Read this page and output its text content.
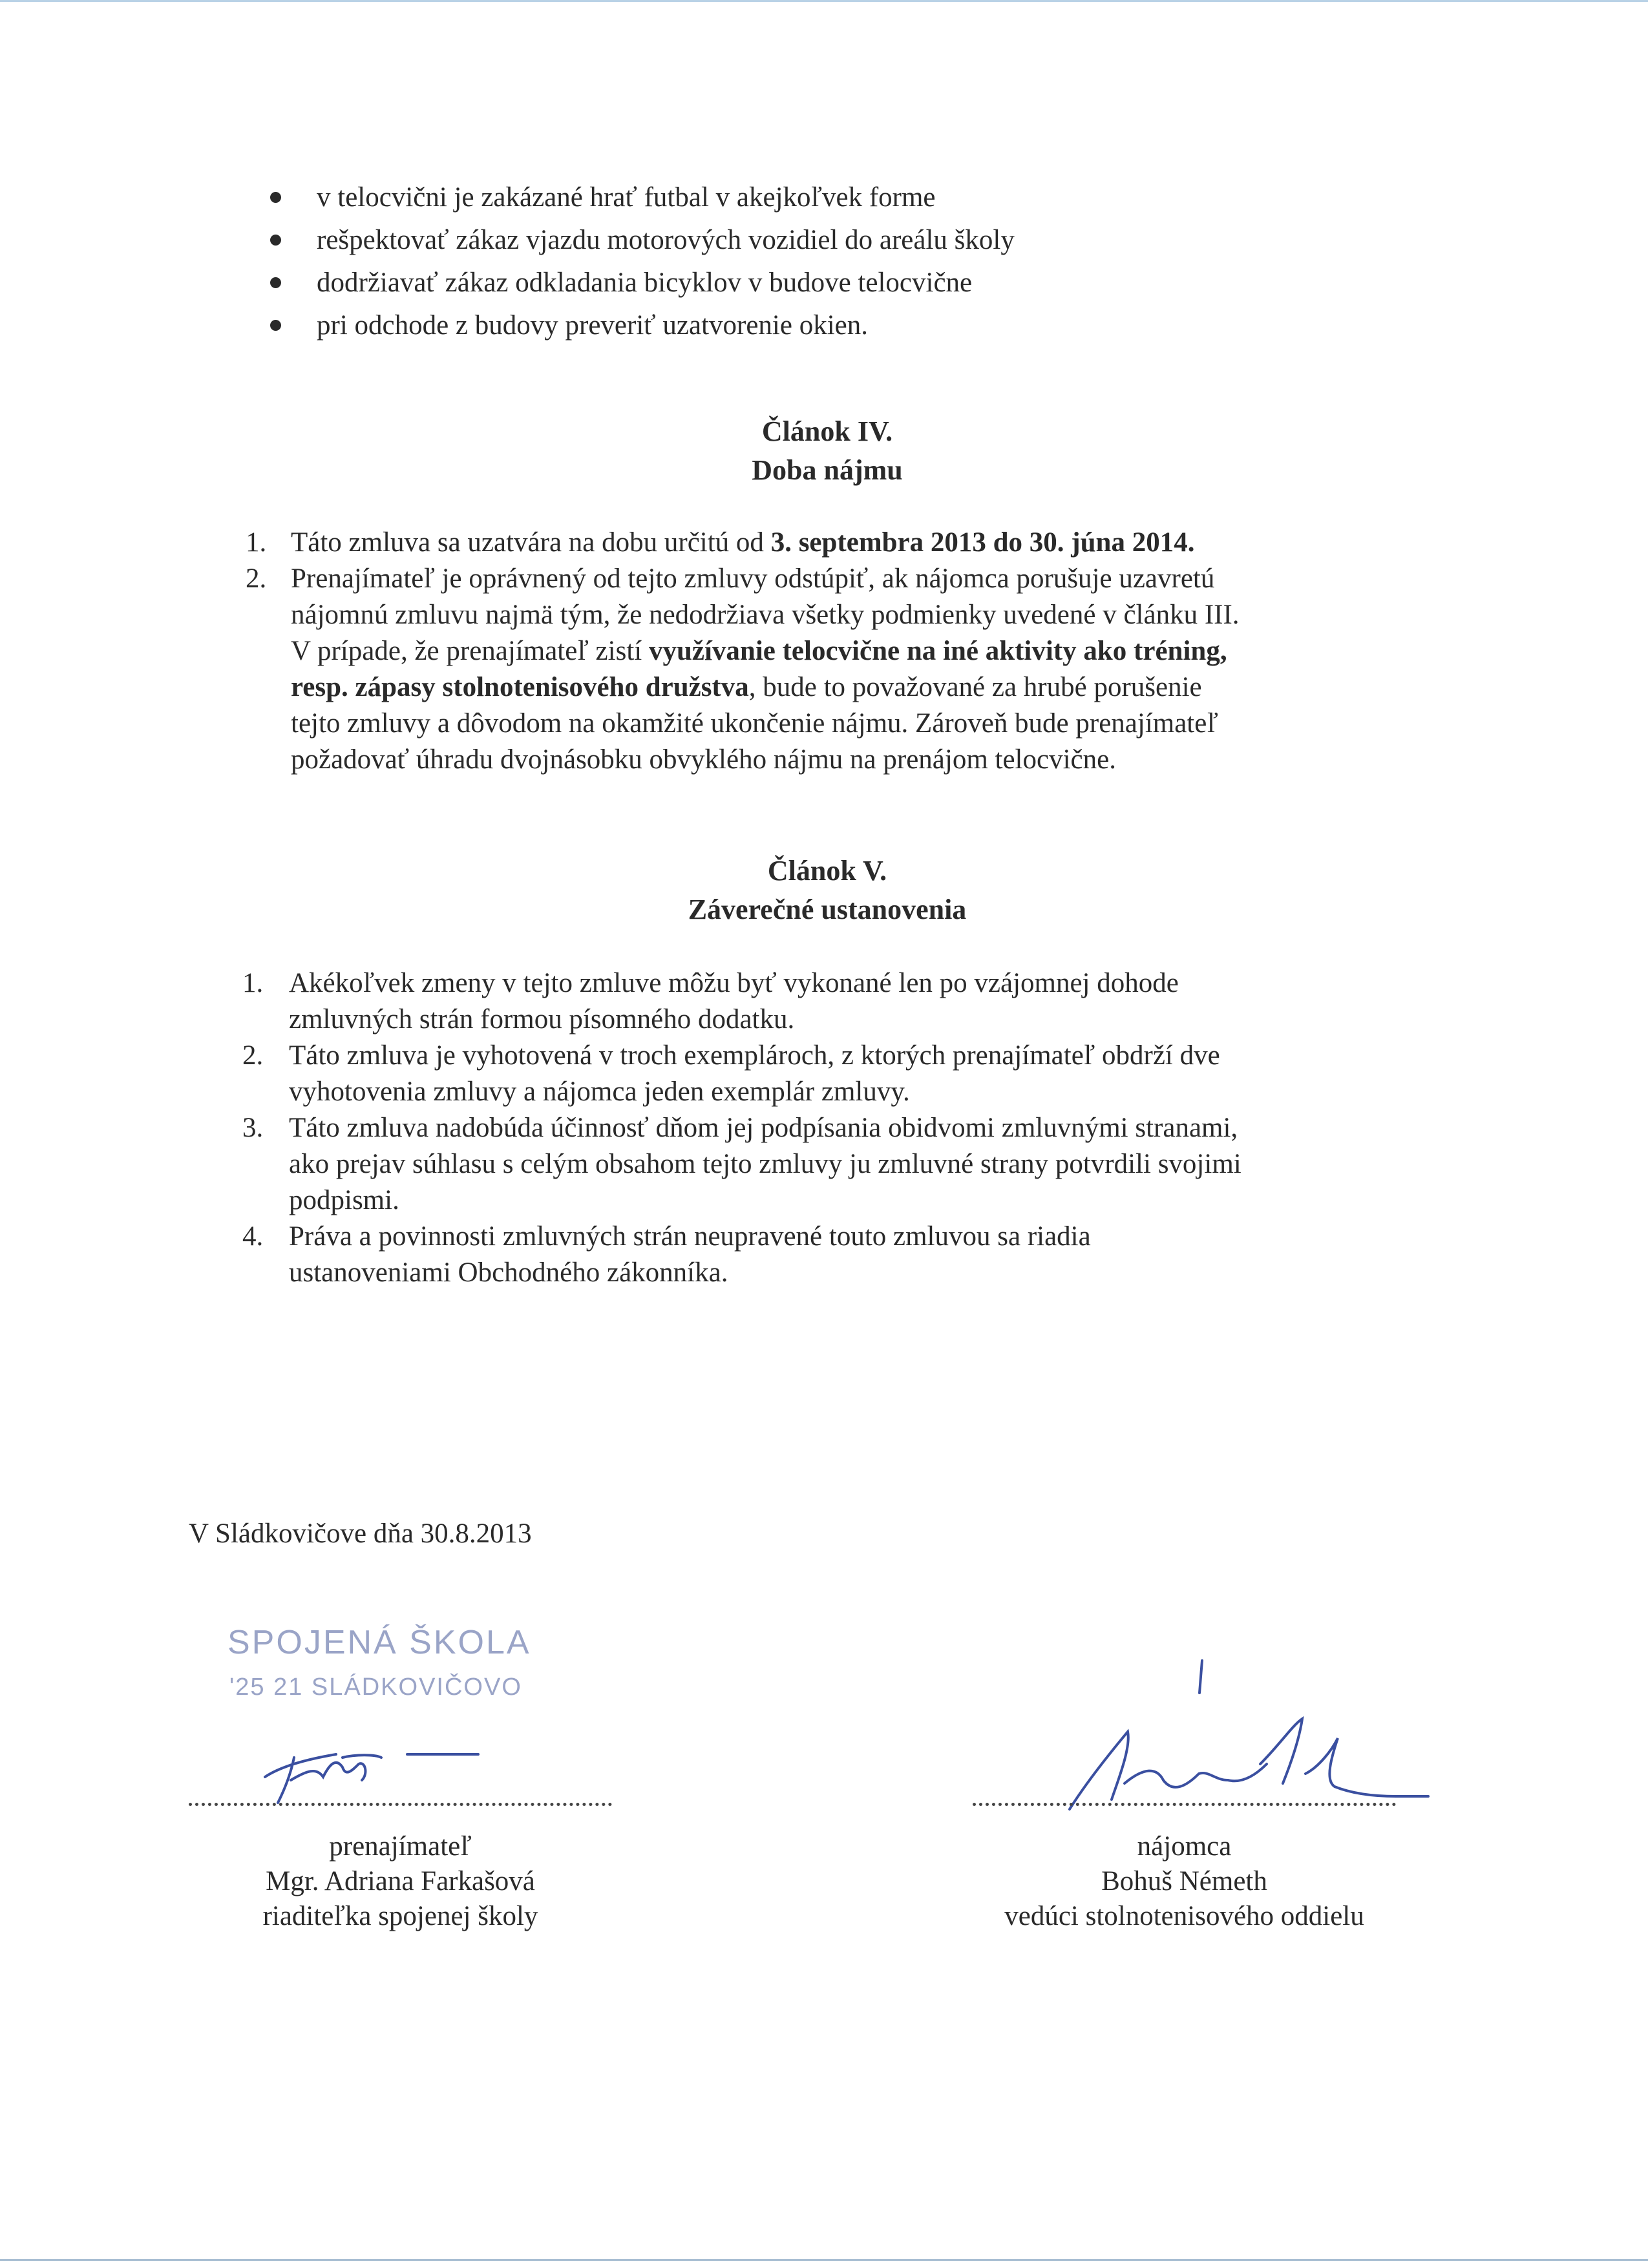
v telocvični je zakázané hrať futbal v akejkoľvek forme
rešpektovať zákaz vjazdu motorových vozidiel do areálu školy
dodržiavať zákaz odkladania bicyklov v budove telocvične
pri odchode z budovy preveriť uzatvorenie okien.
Článok IV.
Doba nájmu
1. Táto zmluva sa uzatvára na dobu určitú od 3. septembra 2013 do 30. júna 2014.
2. Prenajímateľ je oprávnený od tejto zmluvy odstúpiť, ak nájomca porušuje uzavretú
nájomnú zmluvu najmä tým, že nedodržiava všetky podmienky uvedené v článku III.
V prípade, že prenajímateľ zistí využívanie telocvične na iné aktivity ako tréning,
resp. zápasy stolnotenisového družstva, bude to považované za hrubé porušenie
tejto zmluvy a dôvodom na okamžité ukončenie nájmu. Zároveň bude prenajímateľ
požadovať úhradu dvojnásobku obvyklého nájmu na prenájom telocvične.
Článok V.
Záverečné ustanovenia
1. Akékoľvek zmeny v tejto zmluve môžu byť vykonané len po vzájomnej dohode
zmluvných strán formou písomného dodatku.
2. Táto zmluva je vyhotovená v troch exemplároch, z ktorých prenajímateľ obdrží dve
vyhotovenia zmluvy a nájomca jeden exemplár zmluvy.
3. Táto zmluva nadobúda účinnosť dňom jej podpísania obidvomi zmluvnými stranami,
ako prejav súhlasu s celým obsahom tejto zmluvy ju zmluvné strany potvrdili svojimi
podpismi.
4. Práva a povinnosti zmluvných strán neupravené touto zmluvou sa riadia
ustanoveniami Obchodného zákonníka.
V Sládkovičove dňa 30.8.2013
SPOJENÁ ŠKOLA
'25 21 SLÁDKOVIČOVO
prenajímateľ
Mgr. Adriana Farkašová
riaditeľka spojenej školy
nájomca
Bohuš Németh
vedúci stolnotenisového oddielu
